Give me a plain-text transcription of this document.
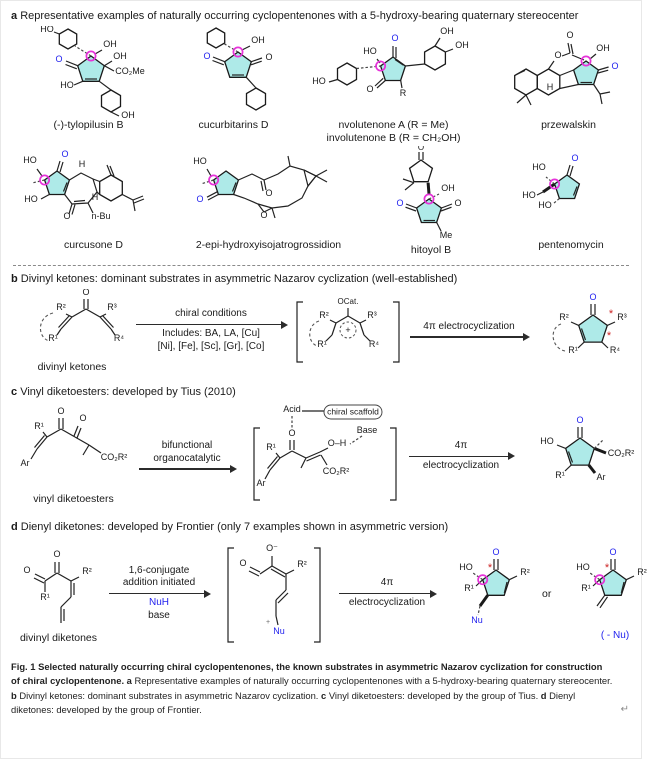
a Representative examples of naturally occurring cyclopentenones with a 5-hydroxy-bearing quaternary stereocenter
HO
OH
OH
CO₂Me
HO
O
OH
(-)-tylopilusin B
OH
O	O
cucurbitarins D
HO
HO
O
O	R
OH
OH
nvolutenone A (R = Me)
involutenone B (R = CH₂OH)
O
O
OH
O
H
przewalskin
HO
O
HO
O n-Bu
H
H
curcusone D
HO
O
O
O
2-epi-hydroxyisojatrogrossidion
O
OH
O	O
Me
hitoyol B
HO
O
HO
HO
pentenomycin
b Divinyl ketones: dominant substrates in asymmetric Nazarov cyclization (well-established)
O
R²	R³
R¹	R⁴
divinyl ketones
chiral conditions
Includes: BA, LA, [Cu]
[Ni], [Fe], [Sc], [Gr], [Co]
OCat.
+
R²	R³
R¹	R⁴
4π electrocyclization
O
R²	R³
R¹	R⁴
*
*
c Vinyl diketoesters: developed by Tius (2010)
R¹
O
O
CO₂R²
Ar
vinyl diketoesters
bifunctional
organocatalytic
Acid	chiral scaffold
Base
O
O–H
R¹
Ar
CO₂R²
4π
electrocyclization
O
HO
CO₂R²
R¹	Ar
d Dienyl diketones: developed by Frontier (only 7 examples shown in asymmetric version)
O
O
R²
R¹
divinyl diketones
1,6-conjugate
addition initiated
NuH
base
O
O⁻
R²
Nu
+
4π
electrocyclization
O
HO	R²
R¹
Nu
*
or
O
HO	R²
R¹
*
( - Nu)
Fig. 1 Selected naturally occurring chiral cyclopentenones, the known substrates in asymmetric Nazarov cyclization for construction of chiral cyclopentenone. a Representative examples of naturally occurring cyclopentenones with a 5-hydroxy-bearing quaternary stereocenter. b Divinyl ketones: dominant substrates in asymmetric Nazarov cyclization. c Vinyl diketoesters: developed by the group of Tius. d Dienyl diketones: developed by the group of Frontier.	↵
